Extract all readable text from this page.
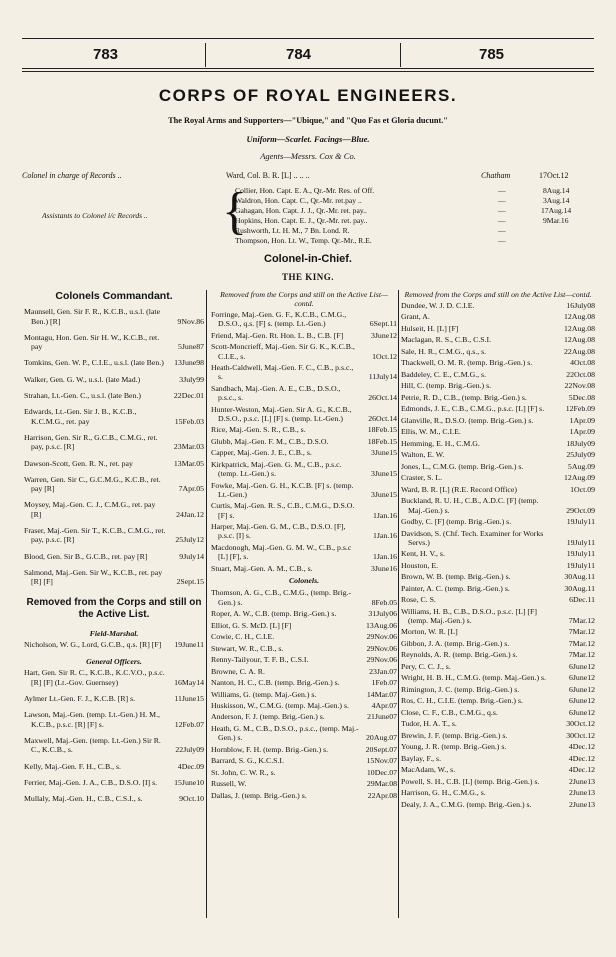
783	784	785
CORPS OF ROYAL ENGINEERS.
The Royal Arms and Supporters—"Ubique," and "Quo Fas et Gloria ducunt."
Uniform—Scarlet. Facings—Blue.
Agents—Messrs. Cox & Co.
Colonel in charge of Records ..	Ward, Col. B. R. [L] .. .. ..	Chatham	17Oct.12
Assistants to Colonel i/c Records .. {
Collier, Hon. Capt. E. A., Qr.-Mr. Res. of Off.	—	8Aug.14
Waldron, Hon. Capt. C., Qr.-Mr. ret.pay ..	—	3Aug.14
Gahagan, Hon. Capt. J. J., Qr.-Mr. ret. pay..	—	17Aug.14
Hopkins, Hon. Capt. E. J., Qr.-Mr. ret. pay..	—	9Mar.16
Rushworth, Lt. H. M., 7 Bn. Lond. R.	—
Thompson, Hon. Lt. W., Temp. Qr.-Mr., R.E.	—
Colonel-in-Chief.
THE KING.
Colonels Commandant.
Maunsell, Gen. Sir F. R., K.C.B., u.s.l. (late Ben.) [R]	9Nov.86
Montagu, Hon. Gen. Sir H. W., K.C.B., ret. pay	5June87
Tomkins, Gen. W. P., C.I.E., u.s.l. (late Ben.) 13June98
Walker, Gen. G. W., u.s.l. (late Mad.)	3July99
Strahan, Lt.-Gen. C., u.s.l. (late Ben.)	22Dec.01
Edwards, Lt.-Gen. Sir J. B., K.C.B., K.C.M.G., ret. pay	15Feb.03
Harrison, Gen. Sir R., G.C.B., C.M.G., ret. pay, p.s.c. [R]	23Mar.03
Dawson-Scott, Gen. R. N., ret. pay	13Mar.05
Warren, Gen. Sir C., G.C.M.G., K.C.B., ret. pay [R]	7Apr.05
Moysey, Maj.-Gen. C. J., C.M.G., ret. pay [R]	24Jan.12
Fraser, Maj.-Gen. Sir T., K.C.B., C.M.G., ret. pay, p.s.c. [R]	25July12
Blood, Gen. Sir B., G.C.B., ret. pay [R]	9July14
Salmond, Maj.-Gen. Sir W., K.C.B., ret. pay [R] [F]	2Sept.15
Removed from the Corps and still on the Active List.
Field-Marshal.
Nicholson, W. G., Lord, G.C.B., q.s. [R] [F] 19June11
General Officers.
Hart, Gen. Sir R. C., K.C.B., K.C.V.O., p.s.c. [R] [F] (Lt.-Gov. Guernsey)	16May14
Aylmer Lt.-Gen. F. J., K.C.B. [R] s.	11June15
Lawson, Maj.-Gen. (temp. Lt.-Gen.) H. M., K.C.B., p.s.c. [R] [F] s.	12Feb.07
Maxwell, Maj.-Gen. (temp. Lt.-Gen.) Sir R. C., K.C.B., s.	22July09
Kelly, Maj.-Gen. F. H., C.B., s.	4Dec.09
Ferrier, Maj.-Gen. J. A., C.B., D.S.O. [I] s. 15June10
Mullaly, Maj.-Gen. H., C.B., C.S.I., s.	9Oct.10
Removed from the Corps and still on the Active List—contd.
Forringe, Maj.-Gen. G. F., K.C.B., C.M.G., D.S.O., q.s. [F] s. (temp. Lt.-Gen.)	6Sept.11
Friend, Maj.-Gen. Rt. Hon. L. B., C.B. [F]	3June12
Scott-Moncrieff, Maj.-Gen. Sir G. K., K.C.B., C.I.E., s.	1Oct.12
Heath-Caldwell, Maj.-Gen. F. C., C.B., p.s.c., s.	11July14
Sandbach, Maj.-Gen. A. E., C.B., D.S.O., p.s.c., s.	26Oct.14
Hunter-Weston, Maj.-Gen. Sir A. G., K.C.B., D.S.O., p.s.c. [L] [F] s. (temp. Lt.-Gen.)	26Oct.14
Rice, Maj.-Gen. S. R., C.B., s.	18Feb.15
Glubb, Maj.-Gen. F. M., C.B., D.S.O.	18Feb.15
Capper, Maj.-Gen. J. E., C.B., s.	3June15
Kirkpatrick, Maj.-Gen. G. M., C.B., p.s.c. (temp. Lt.-Gen.) s.	3June15
Fowke, Maj.-Gen. G. H., K.C.B. [F] s. (temp. Lt.-Gen.)	3June15
Curtis, Maj.-Gen. R. S., C.B., C.M.G., D.S.O. [F] s.	1Jan.16
Harper, Maj.-Gen. G. M., C.B., D.S.O. [F], p.s.c. [I] s.	1Jan.16
Macdonogh, Maj.-Gen. G. M. W., C.B., p.s.c [L] [F], s.	1Jan.16
Stuart, Maj.-Gen. A. M., C.B., s.	3June16
Colonels.
Thomson, A. G., C.B., C.M.G., (temp. Brig.-Gen.) s.	8Feb.05
Roper, A. W., C.B. (temp. Brig.-Gen.) s.	31July06
Elliot, G. S. McD. [L] [F]	13Aug.06
Cowie, C. H., C.I.E.	29Nov.06
Stewart, W. R., C.B., s.	29Nov.06
Renny-Tailyour, T. F. B., C.S.I.	29Nov.06
Browne, C. A. R.	23Jan.07
Nanton, H. C., C.B. (temp. Brig.-Gen.) s.	1Feb.07
Williams, G. (temp. Maj.-Gen.) s.	14Mar.07
Huskisson, W., C.M.G. (temp. Maj.-Gen.) s.	4Apr.07
Anderson, F. J. (temp. Brig.-Gen.) s.	21June07
Heath, G. M., C.B., D.S.O., p.s.c., (temp. Maj.-Gen.) s.	20Aug.07
Hornblow, F. H. (temp. Brig.-Gen.) s.	20Sept.07
Barrard, S. G., K.C.S.I.	15Nov.07
St. John, C. W. R., s.	10Dec.07
Russell, W.	29Mar.08
Dallas, J. (temp. Brig.-Gen.) s.	22Apr.08
Removed from the Corps and still on the Active List—contd.
Dundee, W. J. D. C.I.E.	16July08
Grant, A.	12Aug.08
Hulseit, H. [L] [F]	12Aug.08
Maclagan, R. S., C.B., C.S.I.	12Aug.08
Sale, H. R., C.M.G., q.s., s.	22Aug.08
Thackwell, O. M. R. (temp. Brig.-Gen.) s.	4Oct.08
Baddeley, C. E., C.M.G., s.	22Oct.08
Hill, C. (temp. Brig.-Gen.) s.	22Nov.08
Petrie, R. D., C.B., (temp. Brig.-Gen.) s.	5Dec.08
Edmonds, J. E., C.B., C.M.G., p.s.c. [L] [F] s.	12Feb.09
Glanville, R., D.S.O. (temp. Brig.-Gen.) s.	1Apr.09
Ellis, W. M., C.I.E.	1Apr.09
Hemming, E. H., C.M.G.	18July09
Walton, E. W.	25July09
Jones, L., C.M.G. (temp. Brig.-Gen.) s.	5Aug.09
Craster, S. L.	12Aug.09
Ward, B. R. [L] (R.E. Record Office)	1Oct.09
Buckland, R. U. H., C.B., A.D.C. [F] (temp. Maj.-Gen.) s.	29Oct.09
Godby, C. [F] (temp. Brig.-Gen.) s.	19July11
Davidson, S. (Chf. Tech. Examiner for Works Servs.)	19July11
Kent, H. V., s.	19July11
Houston, E.	19July11
Brown, W. B. (temp. Brig.-Gen.) s.	30Aug.11
Painter, A. C. (temp. Brig.-Gen.) s.	30Aug.11
Rose, C. S.	6Dec.11
Williams, H. B., C.B., D.S.O., p.s.c. [L] [F] (temp. Maj.-Gen.) s.	7Mar.12
Morton, W. R. [L]	7Mar.12
Gibbon, J. A. (temp. Brig.-Gen.) s.	7Mar.12
Reynolds, A. R. (temp. Brig.-Gen.) s.	7Mar.12
Pery, C. C. J., s.	6June12
Wright, H. B. H., C.M.G. (temp. Maj.-Gen.) s.	6June12
Rimington, J. C. (temp. Brig.-Gen.) s.	6June12
Ros, C. H., C.I.E. (temp. Brig.-Gen.) s.	6June12
Close, C. F., C.B., C.M.G., q.s.	6June12
Tudor, H. A. T., s.	30Oct.12
Brewin, J. F. (temp. Brig.-Gen.) s.	30Oct.12
Young, J. R. (temp. Brig.-Gen.) s.	4Dec.12
Baylay, F., s.	4Dec.12
MacAdam, W., s.	4Dec.12
Powell, S. H., C.B. [L] (temp. Brig.-Gen.) s.	2June13
Harrison, G. H., C.M.G., s.	2June13
Dealy, J. A., C.M.G. (temp. Brig.-Gen.) s.	2June13
